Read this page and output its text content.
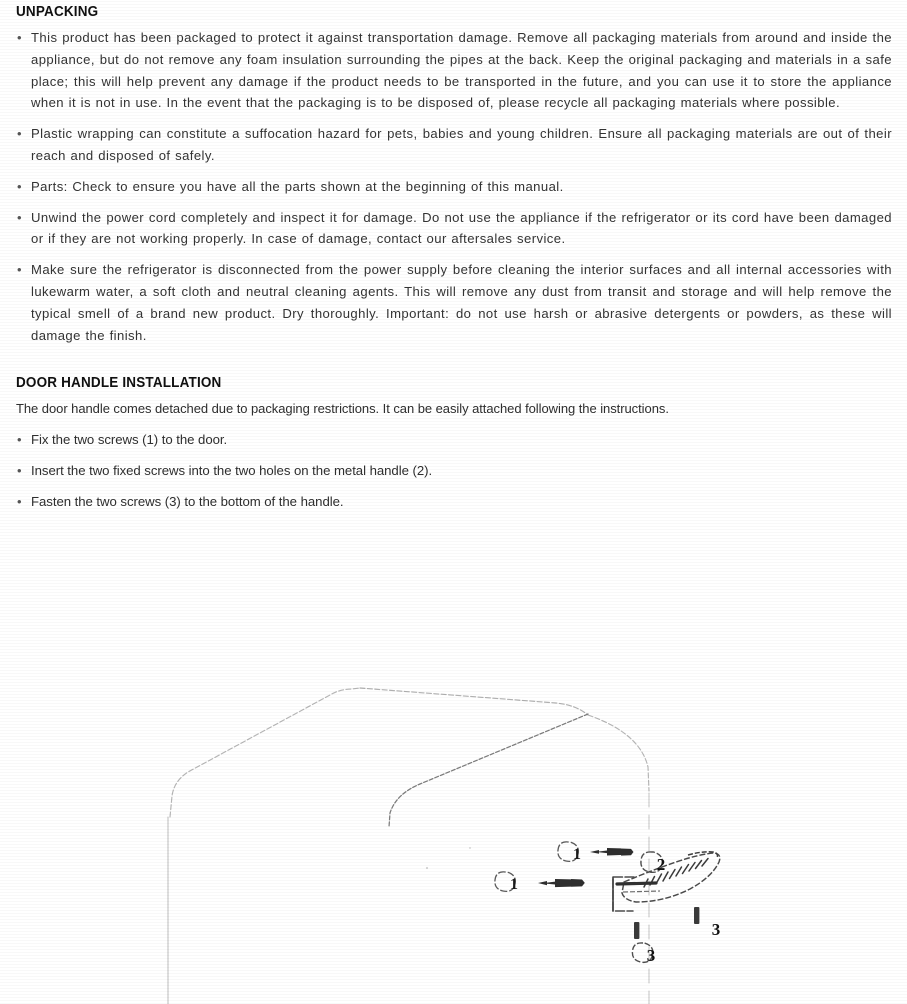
UNPACKING
• This product has been packaged to protect it against transportation damage. Remove all packaging materials from around and inside the appliance, but do not remove any foam insulation surrounding the pipes at the back. Keep the original packaging and materials in a safe place; this will help prevent any damage if the product needs to be transported in the future, and you can use it to store the appliance when it is not in use. In the event that the packaging is to be disposed of, please recycle all packaging materials where possible.
• Plastic wrapping can constitute a suffocation hazard for pets, babies and young children. Ensure all packaging materials are out of their reach and disposed of safely.
• Parts: Check to ensure you have all the parts shown at the beginning of this manual.
• Unwind the power cord completely and inspect it for damage. Do not use the appliance if the refrigerator or its cord have been damaged or if they are not working properly. In case of damage, contact our aftersales service.
• Make sure the refrigerator is disconnected from the power supply before cleaning the interior surfaces and all internal accessories with lukewarm water, a soft cloth and neutral cleaning agents. This will remove any dust from transit and storage and will help remove the typical smell of a brand new product. Dry thoroughly. Important: do not use harsh or abrasive detergents or powders, as these will damage the finish.
DOOR HANDLE INSTALLATION

The door handle comes detached due to packaging restrictions. It can be easily attached following the instructions.

• Fix the two screws (1) to the door.
• Insert the two fixed screws into the two holes on the metal handle (2).
• Fasten the two screws (3) to the bottom of the handle.
1
1
2
3
3
